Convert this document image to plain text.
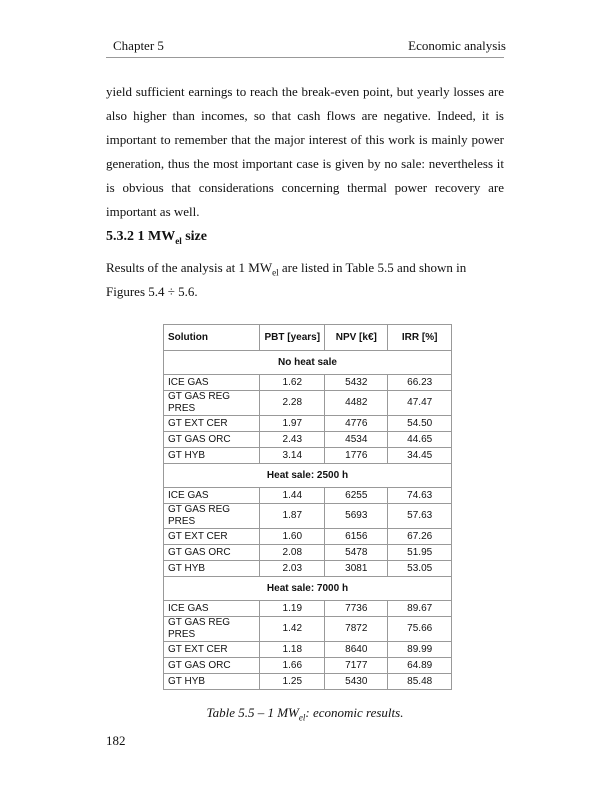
Chapter 5	Economic analysis

yield sufficient earnings to reach the break-even point, but yearly losses are also higher than incomes, so that cash flows are negative. Indeed, it is important to remember that the major interest of this work is mainly power generation, thus the most important case is given by no sale: nevertheless it is obvious that considerations concerning thermal power recovery are important as well.

5.3.2 1 $MW_{el}$ size
Results of the analysis at 1 $MW_{el}$ are listed in Table 5.5 and shown in Figures 5.4 ÷ 5.6.
Solution	PBT [years]	NPV [k€]	IRR [%]
No heat sale			
ICE GAS	1.62	5432	66.23
GT GAS REG PRES	2.28	4482	47.47
GT EXT CER	1.97	4776	54.50
GT GAS ORC	2.43	4534	44.65
GT HYB	3.14	1776	34.45
Heat sale: 2500 h			
ICE GAS	1.44	6255	74.63
GT GAS REG PRES	1.87	5693	57.63
GT EXT CER	1.60	6156	67.26
GT GAS ORC	2.08	5478	51.95
GT HYB	2.03	3081	53.05
Heat sale: 7000 h			
ICE GAS	1.19	7736	89.67
GT GAS REG PRES	1.42	7872	75.66
GT EXT CER	1.18	8640	89.99
GT GAS ORC	1.66	7177	64.89
GT HYB	1.25	5430	85.48
Table 5.5 – 1 $MW_{el}$: economic results.
182
